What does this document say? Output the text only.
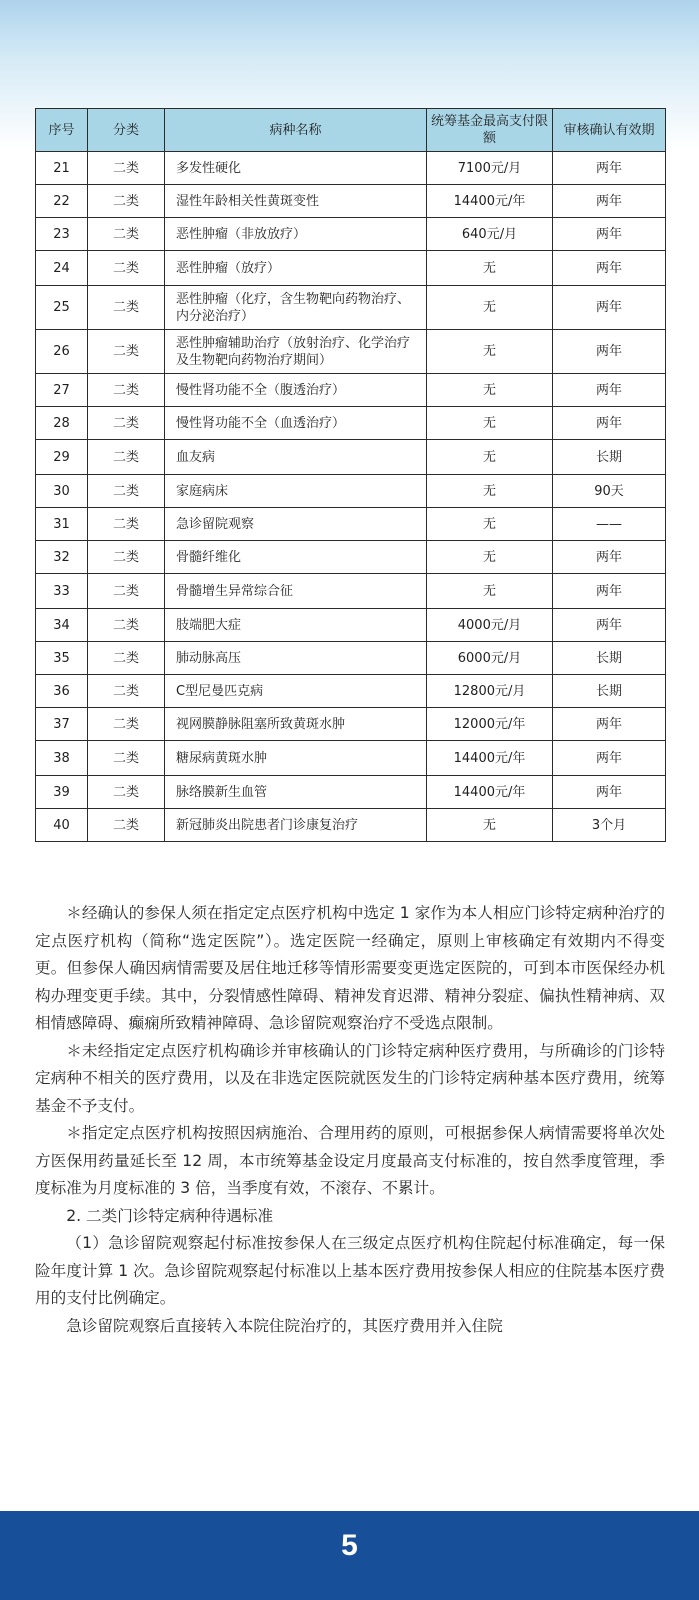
序号	分类	病种名称	统筹基金最高支付限额	审核确认有效期
21	二类	多发性硬化	7100元/月	两年
22	二类	湿性年龄相关性黄斑变性	14400元/年	两年
23	二类	恶性肿瘤（非放放疗）	640元/月	两年
24	二类	恶性肿瘤（放疗）	无	两年
25	二类	恶性肿瘤（化疗，含生物靶向药物治疗、内分泌治疗）	无	两年
26	二类	恶性肿瘤辅助治疗（放射治疗、化学治疗及生物靶向药物治疗期间）	无	两年
27	二类	慢性肾功能不全（腹透治疗）	无	两年
28	二类	慢性肾功能不全（血透治疗）	无	两年
29	二类	血友病	无	长期
30	二类	家庭病床	无	90天
31	二类	急诊留院观察	无	——
32	二类	骨髓纤维化	无	两年
33	二类	骨髓增生异常综合征	无	两年
34	二类	肢端肥大症	4000元/月	两年
35	二类	肺动脉高压	6000元/月	长期
36	二类	C型尼曼匹克病	12800元/月	长期
37	二类	视网膜静脉阻塞所致黄斑水肿	12000元/年	两年
38	二类	糖尿病黄斑水肿	14400元/年	两年
39	二类	脉络膜新生血管	14400元/年	两年
40	二类	新冠肺炎出院患者门诊康复治疗	无	3个月

＊经确认的参保人须在指定定点医疗机构中选定 1 家作为本人相应门诊特定病种治疗的定点医疗机构（简称“选定医院”）。选定医院一经确定，原则上审核确定有效期内不得变更。但参保人确因病情需要及居住地迁移等情形需要变更选定医院的，可到本市医保经办机构办理变更手续。其中，分裂情感性障碍、精神发育迟滞、精神分裂症、偏执性精神病、双相情感障碍、癫痫所致精神障碍、急诊留院观察治疗不受选点限制。

＊未经指定定点医疗机构确诊并审核确认的门诊特定病种医疗费用，与所确诊的门诊特定病种不相关的医疗费用，以及在非选定医院就医发生的门诊特定病种基本医疗费用，统筹基金不予支付。

＊指定定点医疗机构按照因病施治、合理用药的原则，可根据参保人病情需要将单次处方医保用药量延长至 12 周，本市统筹基金设定月度最高支付标准的，按自然季度管理，季度标准为月度标准的 3 倍，当季度有效，不滚存、不累计。

2. 二类门诊特定病种待遇标准

（1）急诊留院观察起付标准按参保人在三级定点医疗机构住院起付标准确定，每一保险年度计算 1 次。急诊留院观察起付标准以上基本医疗费用按参保人相应的住院基本医疗费用的支付比例确定。

急诊留院观察后直接转入本院住院治疗的，其医疗费用并入住院

5
